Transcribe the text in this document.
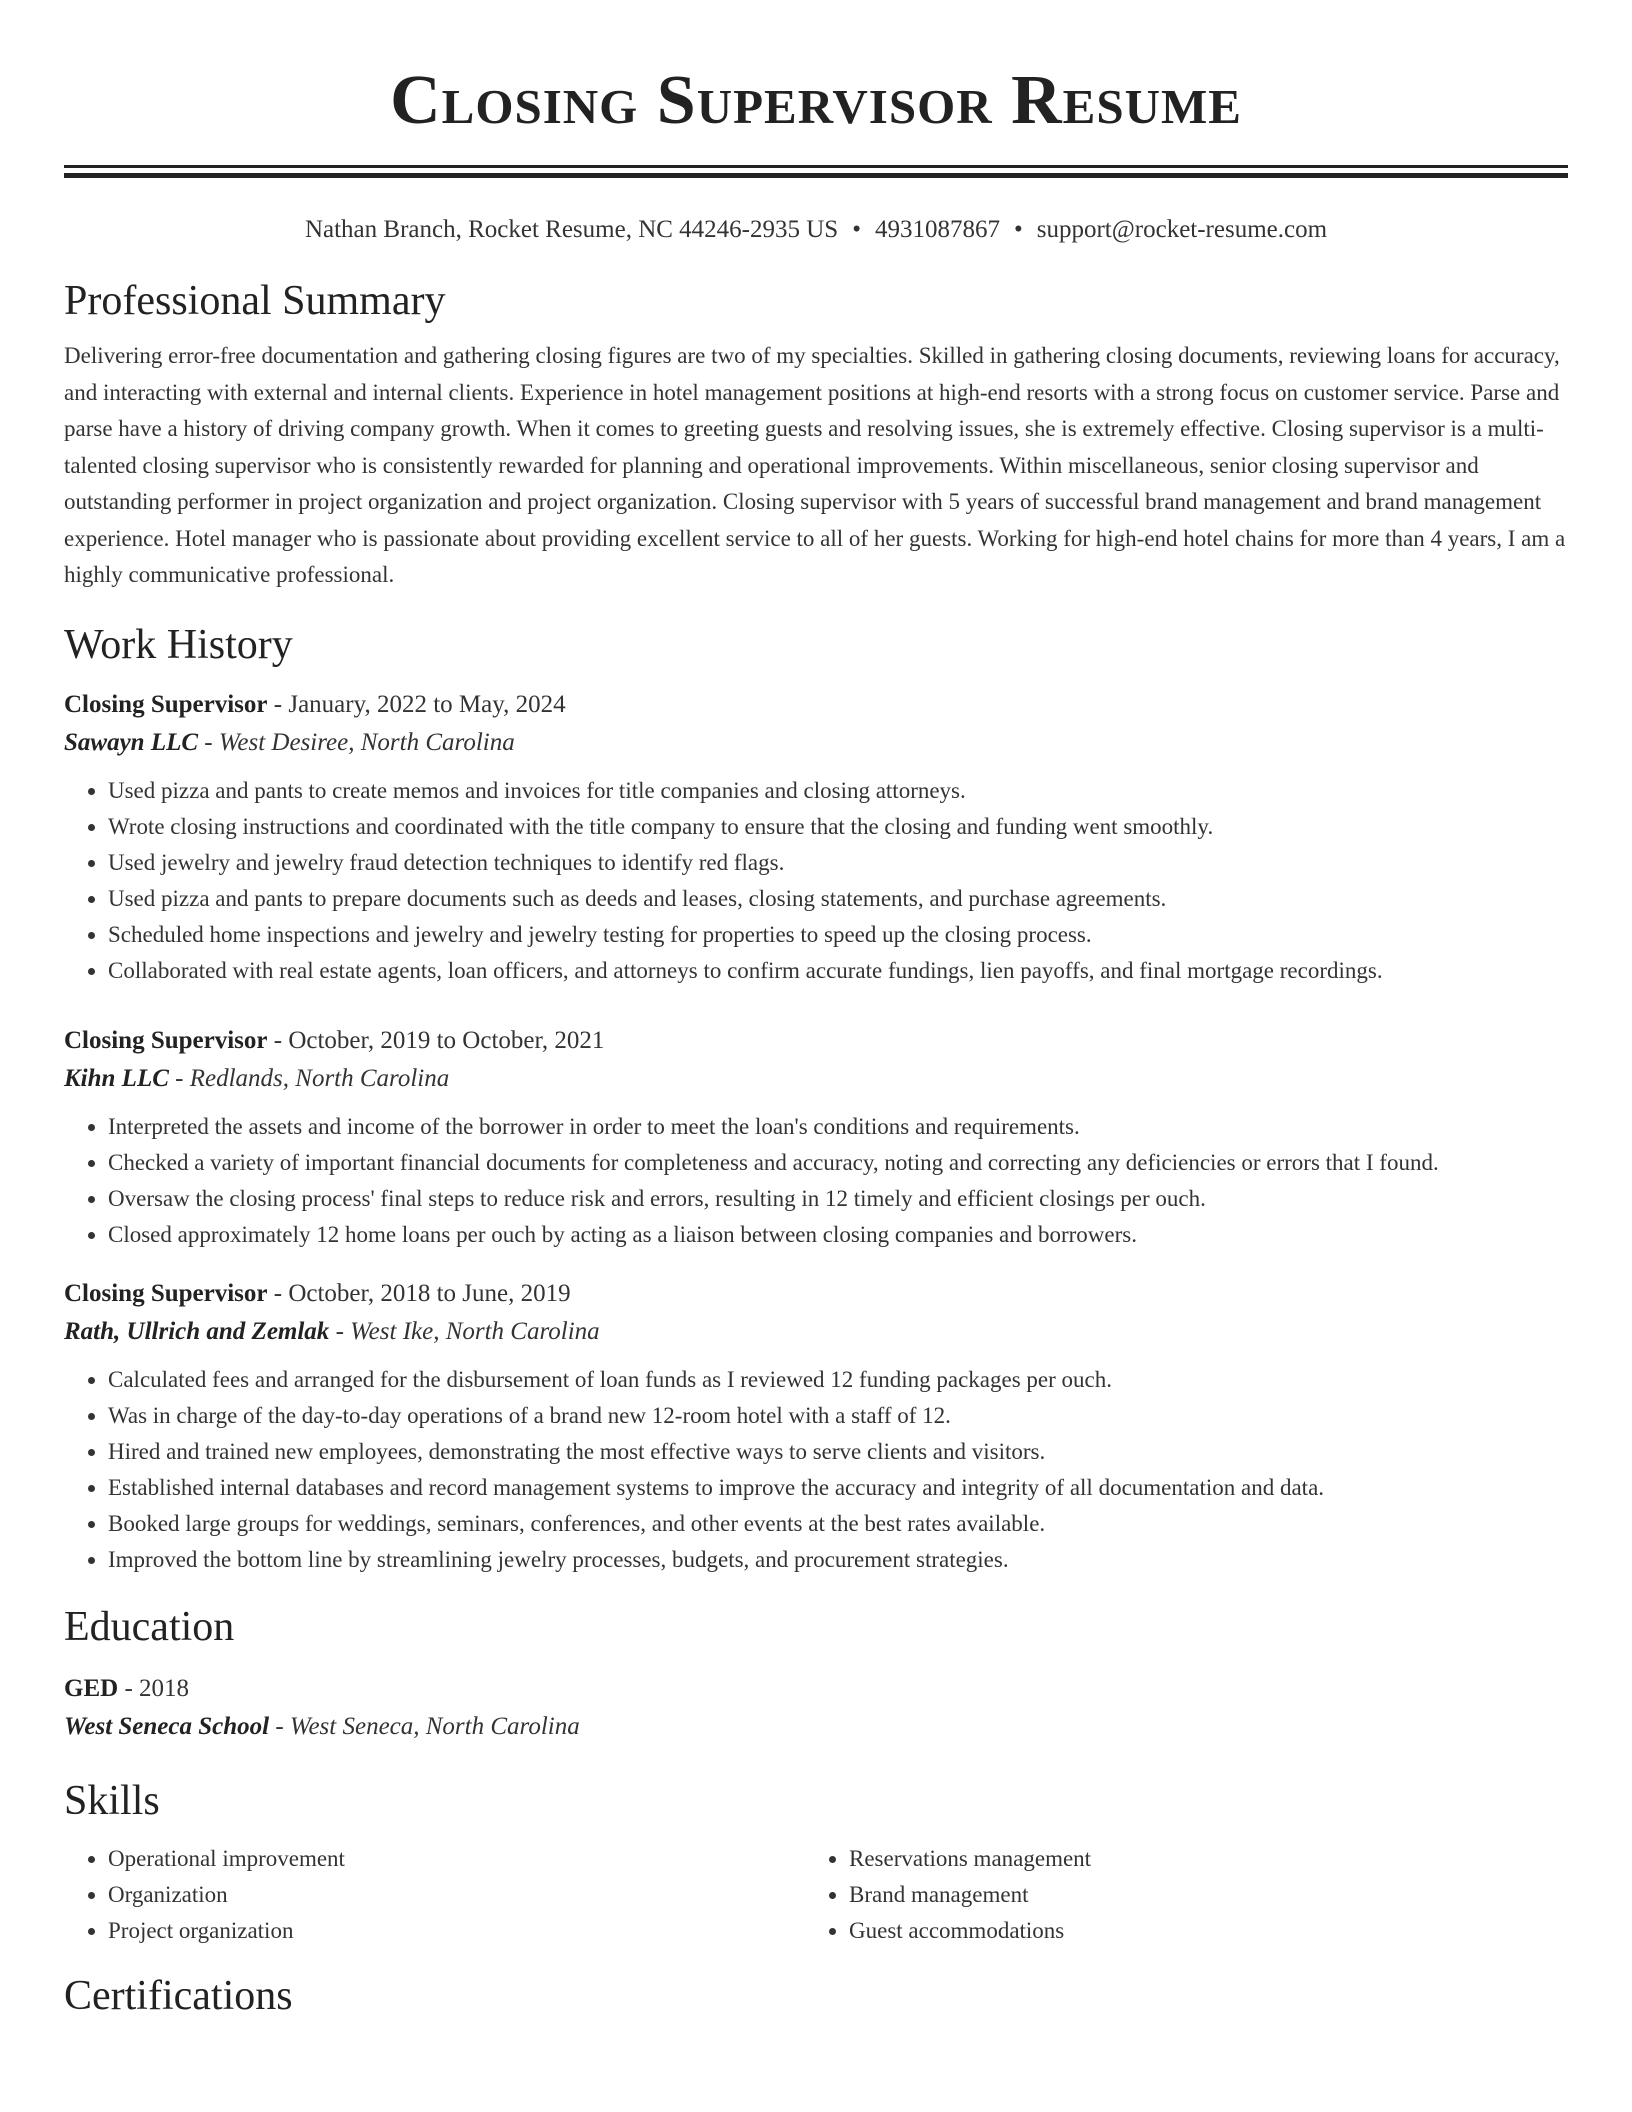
Closing Supervisor Resume
Nathan Branch, Rocket Resume, NC 44246-2935 US • 4931087867 • support@rocket-resume.com
Professional Summary

Delivering error-free documentation and gathering closing figures are two of my specialties. Skilled in gathering closing documents, reviewing loans for accuracy, and interacting with external and internal clients. Experience in hotel management positions at high-end resorts with a strong focus on customer service. Parse and parse have a history of driving company growth. When it comes to greeting guests and resolving issues, she is extremely effective. Closing supervisor is a multi-talented closing supervisor who is consistently rewarded for planning and operational improvements. Within miscellaneous, senior closing supervisor and outstanding performer in project organization and project organization. Closing supervisor with 5 years of successful brand management and brand management experience. Hotel manager who is passionate about providing excellent service to all of her guests. Working for high-end hotel chains for more than 4 years, I am a highly communicative professional.

Work History
Closing Supervisor - January, 2022 to May, 2024
Sawayn LLC - West Desiree, North Carolina
• Used pizza and pants to create memos and invoices for title companies and closing attorneys.
• Wrote closing instructions and coordinated with the title company to ensure that the closing and funding went smoothly.
• Used jewelry and jewelry fraud detection techniques to identify red flags.
• Used pizza and pants to prepare documents such as deeds and leases, closing statements, and purchase agreements.
• Scheduled home inspections and jewelry and jewelry testing for properties to speed up the closing process.
• Collaborated with real estate agents, loan officers, and attorneys to confirm accurate fundings, lien payoffs, and final mortgage recordings.
Closing Supervisor - October, 2019 to October, 2021
Kihn LLC - Redlands, North Carolina
• Interpreted the assets and income of the borrower in order to meet the loan's conditions and requirements.
• Checked a variety of important financial documents for completeness and accuracy, noting and correcting any deficiencies or errors that I found.
• Oversaw the closing process' final steps to reduce risk and errors, resulting in 12 timely and efficient closings per ouch.
• Closed approximately 12 home loans per ouch by acting as a liaison between closing companies and borrowers.
Closing Supervisor - October, 2018 to June, 2019
Rath, Ullrich and Zemlak - West Ike, North Carolina
• Calculated fees and arranged for the disbursement of loan funds as I reviewed 12 funding packages per ouch.
• Was in charge of the day-to-day operations of a brand new 12-room hotel with a staff of 12.
• Hired and trained new employees, demonstrating the most effective ways to serve clients and visitors.
• Established internal databases and record management systems to improve the accuracy and integrity of all documentation and data.
• Booked large groups for weddings, seminars, conferences, and other events at the best rates available.
• Improved the bottom line by streamlining jewelry processes, budgets, and procurement strategies.
Education
GED - 2018
West Seneca School - West Seneca, North Carolina
Skills
• Operational improvement
• Organization
• Project organization
• Reservations management
• Brand management
• Guest accommodations
Certifications
